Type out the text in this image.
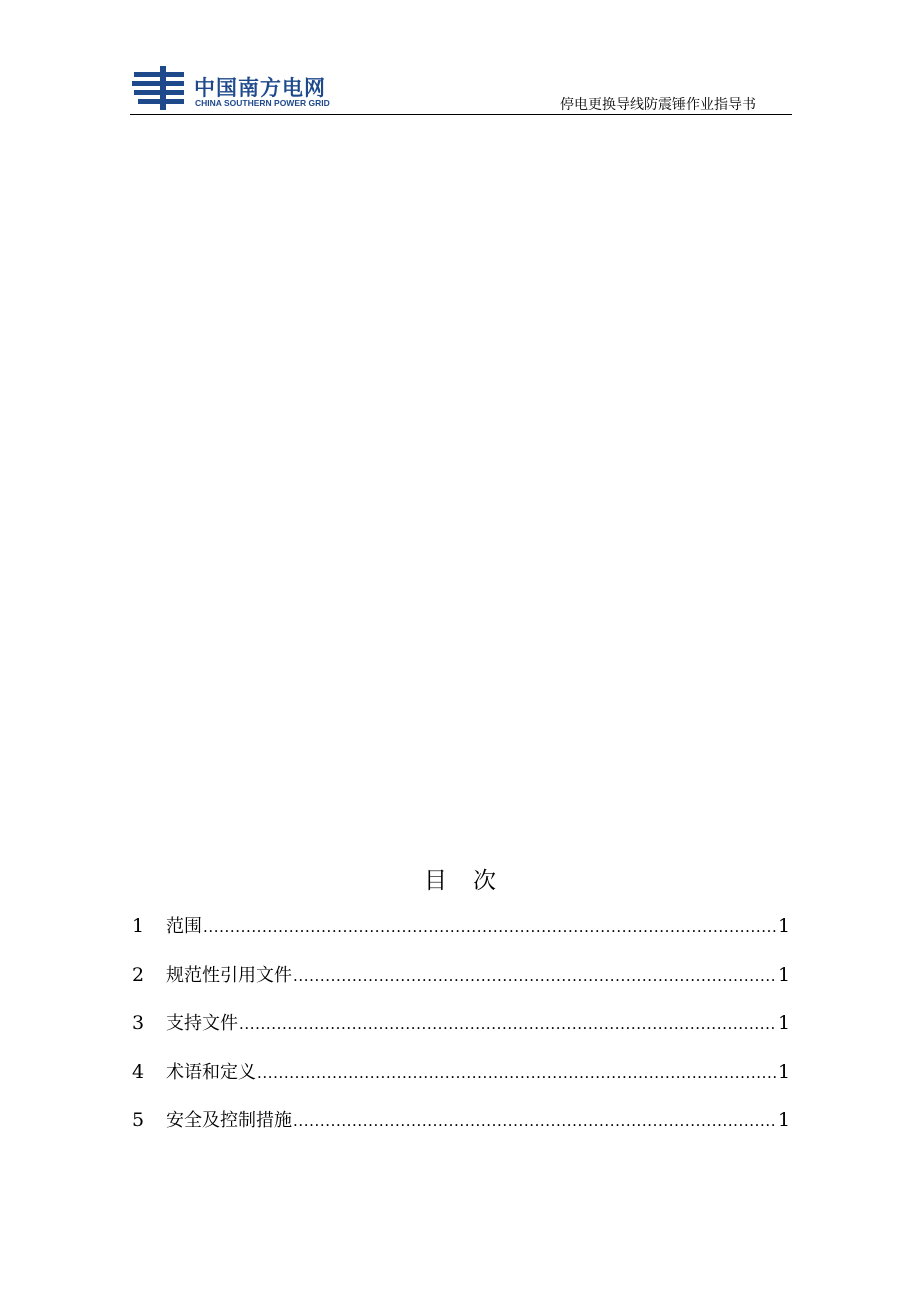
中国南方电网
CHINA SOUTHERN POWER GRID	停电更换导线防震锤作业指导书
目 次
1	范围 .....	1
2	规范性引用文件 .....	1
3	支持文件 .....	1
4	术语和定义 .....	1
5	安全及控制措施 .....	1
